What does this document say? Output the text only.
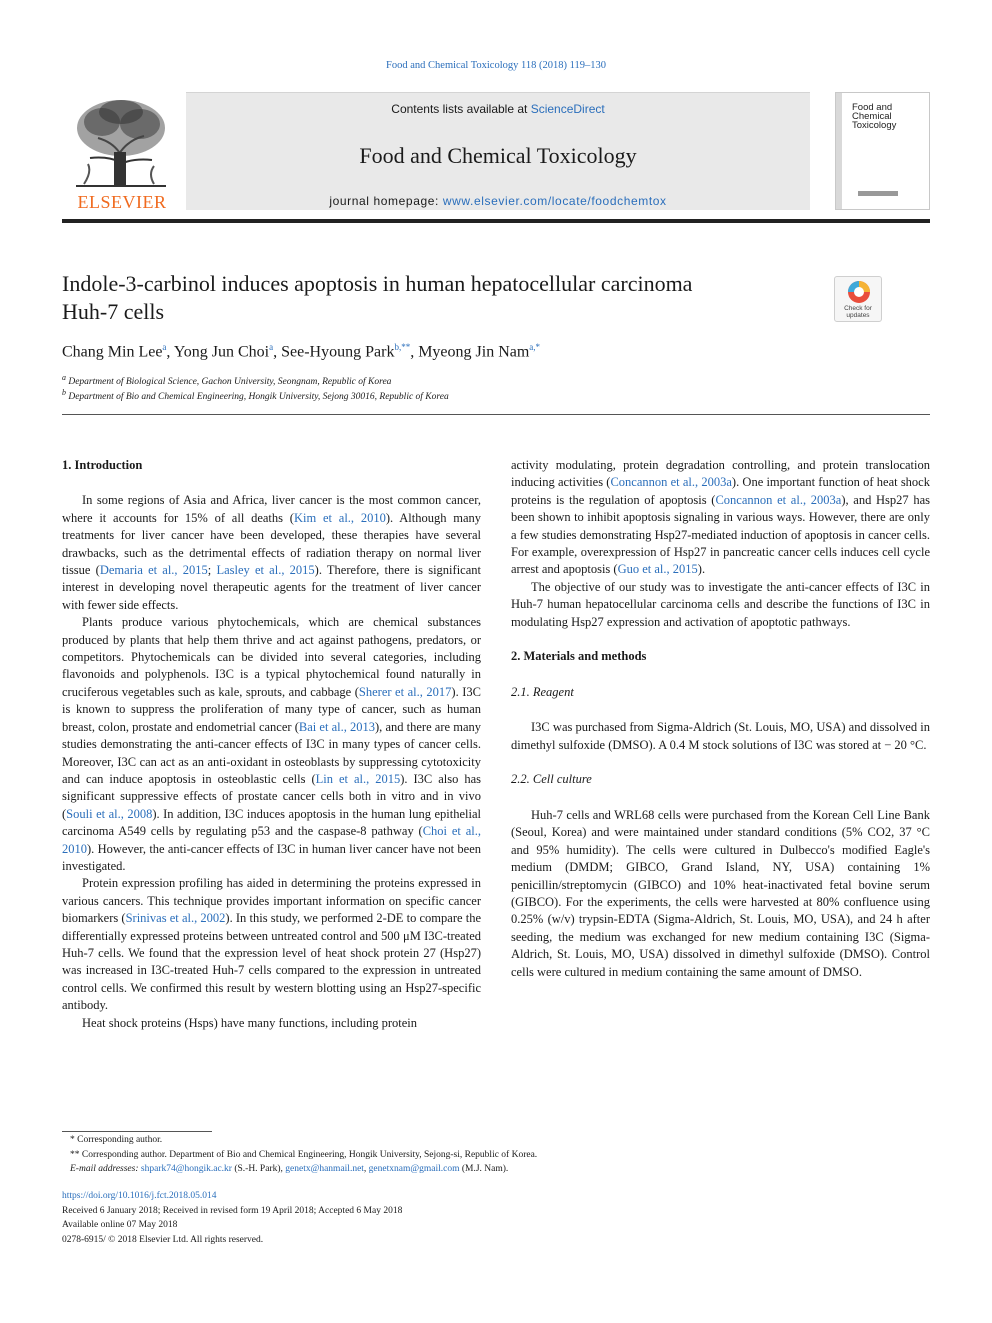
Food and Chemical Toxicology 118 (2018) 119–130
ELSEVIER
Contents lists available at ScienceDirect
Food and Chemical Toxicology
journal homepage: www.elsevier.com/locate/foodchemtox
Food and
Chemical
Toxicology
Indole-3-carbinol induces apoptosis in human hepatocellular carcinoma
Huh-7 cells	Check for
updates
Chang Min Lee$^a$, Yong Jun Choi$^a$, See-Hyoung Park$^{b,**}$, Myeong Jin Nam$^{a,*}$
$^a$ Department of Biological Science, Gachon University, Seongnam, Republic of Korea
$^b$ Department of Bio and Chemical Engineering, Hongik University, Sejong 30016, Republic of Korea
1. Introduction

In some regions of Asia and Africa, liver cancer is the most common cancer, where it accounts for 15% of all deaths (Kim et al., 2010). Although many treatments for liver cancer have been developed, these therapies have several drawbacks, such as the detrimental effects of radiation therapy on normal liver tissue (Demaria et al., 2015; Lasley et al., 2015). Therefore, there is significant interest in developing novel therapeutic agents for the treatment of liver cancer with fewer side effects.

Plants produce various phytochemicals, which are chemical substances produced by plants that help them thrive and act against pathogens, predators, or competitors. Phytochemicals can be divided into several categories, including flavonoids and polyphenols. I3C is a typical phytochemical found naturally in cruciferous vegetables such as kale, sprouts, and cabbage (Sherer et al., 2017). I3C is known to suppress the proliferation of many type of cancer, such as human breast, colon, prostate and endometrial cancer (Bai et al., 2013), and there are many studies demonstrating the anti-cancer effects of I3C in many types of cancer cells. Moreover, I3C can act as an anti-oxidant in osteoblasts by suppressing cytotoxicity and can induce apoptosis in osteoblastic cells (Lin et al., 2015). I3C also has significant suppressive effects of prostate cancer cells both in vitro and in vivo (Souli et al., 2008). In addition, I3C induces apoptosis in the human lung epithelial carcinoma A549 cells by regulating p53 and the caspase-8 pathway (Choi et al., 2010). However, the anti-cancer effects of I3C in human liver cancer have not been investigated.

Protein expression profiling has aided in determining the proteins expressed in various cancers. This technique provides important information on specific cancer biomarkers (Srinivas et al., 2002). In this study, we performed 2-DE to compare the differentially expressed proteins between untreated control and 500 μM I3C-treated Huh-7 cells. We found that the expression level of heat shock protein 27 (Hsp27) was increased in I3C-treated Huh-7 cells compared to the expression in untreated control cells. We confirmed this result by western blotting using an Hsp27-specific antibody.

Heat shock proteins (Hsps) have many functions, including protein

activity modulating, protein degradation controlling, and protein translocation inducing activities (Concannon et al., 2003a). One important function of heat shock proteins is the regulation of apoptosis (Concannon et al., 2003a), and Hsp27 has been shown to inhibit apoptosis signaling in various ways. However, there are only a few studies demonstrating Hsp27-mediated induction of apoptosis in cancer cells. For example, overexpression of Hsp27 in pancreatic cancer cells induces cell cycle arrest and apoptosis (Guo et al., 2015).

The objective of our study was to investigate the anti-cancer effects of I3C in Huh-7 human hepatocellular carcinoma cells and describe the functions of I3C in modulating Hsp27 expression and activation of apoptotic pathways.

2. Materials and methods
2.1. Reagent

I3C was purchased from Sigma-Aldrich (St. Louis, MO, USA) and dissolved in dimethyl sulfoxide (DMSO). A 0.4 M stock solutions of I3C was stored at − 20 °C.

2.2. Cell culture

Huh-7 cells and WRL68 cells were purchased from the Korean Cell Line Bank (Seoul, Korea) and were maintained under standard conditions (5% CO2, 37 °C and 95% humidity). The cells were cultured in Dulbecco's modified Eagle's medium (DMDM; GIBCO, Grand Island, NY, USA) containing 1% penicillin/streptomycin (GIBCO) and 10% heat-inactivated fetal bovine serum (GIBCO). For the experiments, the cells were harvested at 80% confluence using 0.25% (w/v) trypsin-EDTA (Sigma-Aldrich, St. Louis, MO, USA), and 24 h after seeding, the medium was exchanged for new medium containing I3C (Sigma-Aldrich, St. Louis, MO, USA) dissolved in dimethyl sulfoxide (DMSO). Control cells were cultured in medium containing the same amount of DMSO.

* Corresponding author.
** Corresponding author. Department of Bio and Chemical Engineering, Hongik University, Sejong-si, Republic of Korea.
E-mail addresses: shpark74@hongik.ac.kr (S.-H. Park), genetx@hanmail.net, genetxnam@gmail.com (M.J. Nam).
https://doi.org/10.1016/j.fct.2018.05.014
Received 6 January 2018; Received in revised form 19 April 2018; Accepted 6 May 2018
Available online 07 May 2018
0278-6915/ © 2018 Elsevier Ltd. All rights reserved.
